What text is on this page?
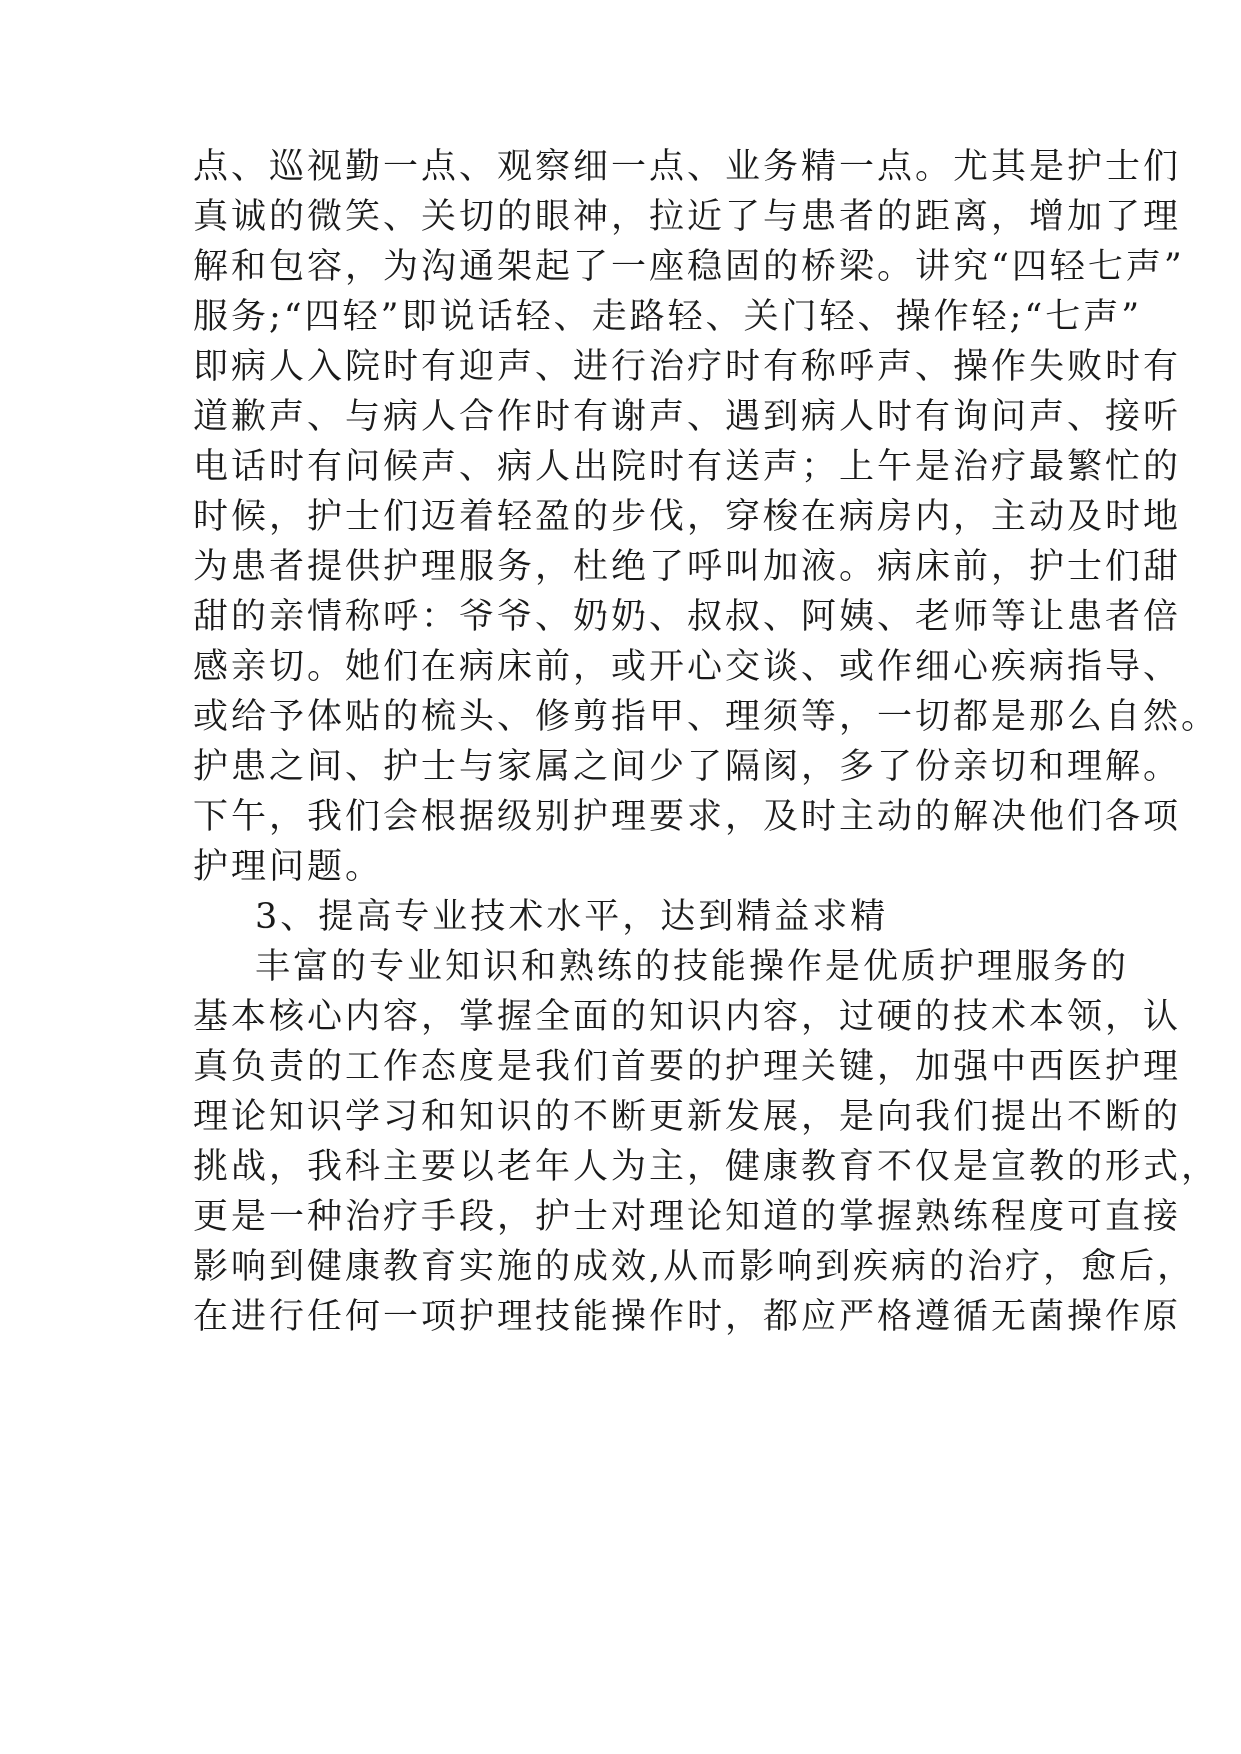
点、巡视勤一点、观察细一点、业务精一点。尤其是护士们
真诚的微笑、关切的眼神，拉近了与患者的距离，增加了理
解和包容，为沟通架起了一座稳固的桥梁。讲究“四轻七声”
服务;“四轻”即说话轻、走路轻、关门轻、操作轻;“七声”
即病人入院时有迎声、进行治疗时有称呼声、操作失败时有
道歉声、与病人合作时有谢声、遇到病人时有询问声、接听
电话时有问候声、病人出院时有送声；上午是治疗最繁忙的
时候，护士们迈着轻盈的步伐，穿梭在病房内，主动及时地
为患者提供护理服务，杜绝了呼叫加液。病床前，护士们甜
甜的亲情称呼：爷爷、奶奶、叔叔、阿姨、老师等让患者倍
感亲切。她们在病床前，或开心交谈、或作细心疾病指导、
或给予体贴的梳头、修剪指甲、理须等，一切都是那么自然。
护患之间、护士与家属之间少了隔阂，多了份亲切和理解。
下午，我们会根据级别护理要求，及时主动的解决他们各项
护理问题。
3、提高专业技术水平，达到精益求精
丰富的专业知识和熟练的技能操作是优质护理服务的
基本核心内容，掌握全面的知识内容，过硬的技术本领，认
真负责的工作态度是我们首要的护理关键，加强中西医护理
理论知识学习和知识的不断更新发展，是向我们提出不断的
挑战，我科主要以老年人为主，健康教育不仅是宣教的形式，
更是一种治疗手段，护士对理论知道的掌握熟练程度可直接
影响到健康教育实施的成效,从而影响到疾病的治疗，愈后，
在进行任何一项护理技能操作时，都应严格遵循无菌操作原
